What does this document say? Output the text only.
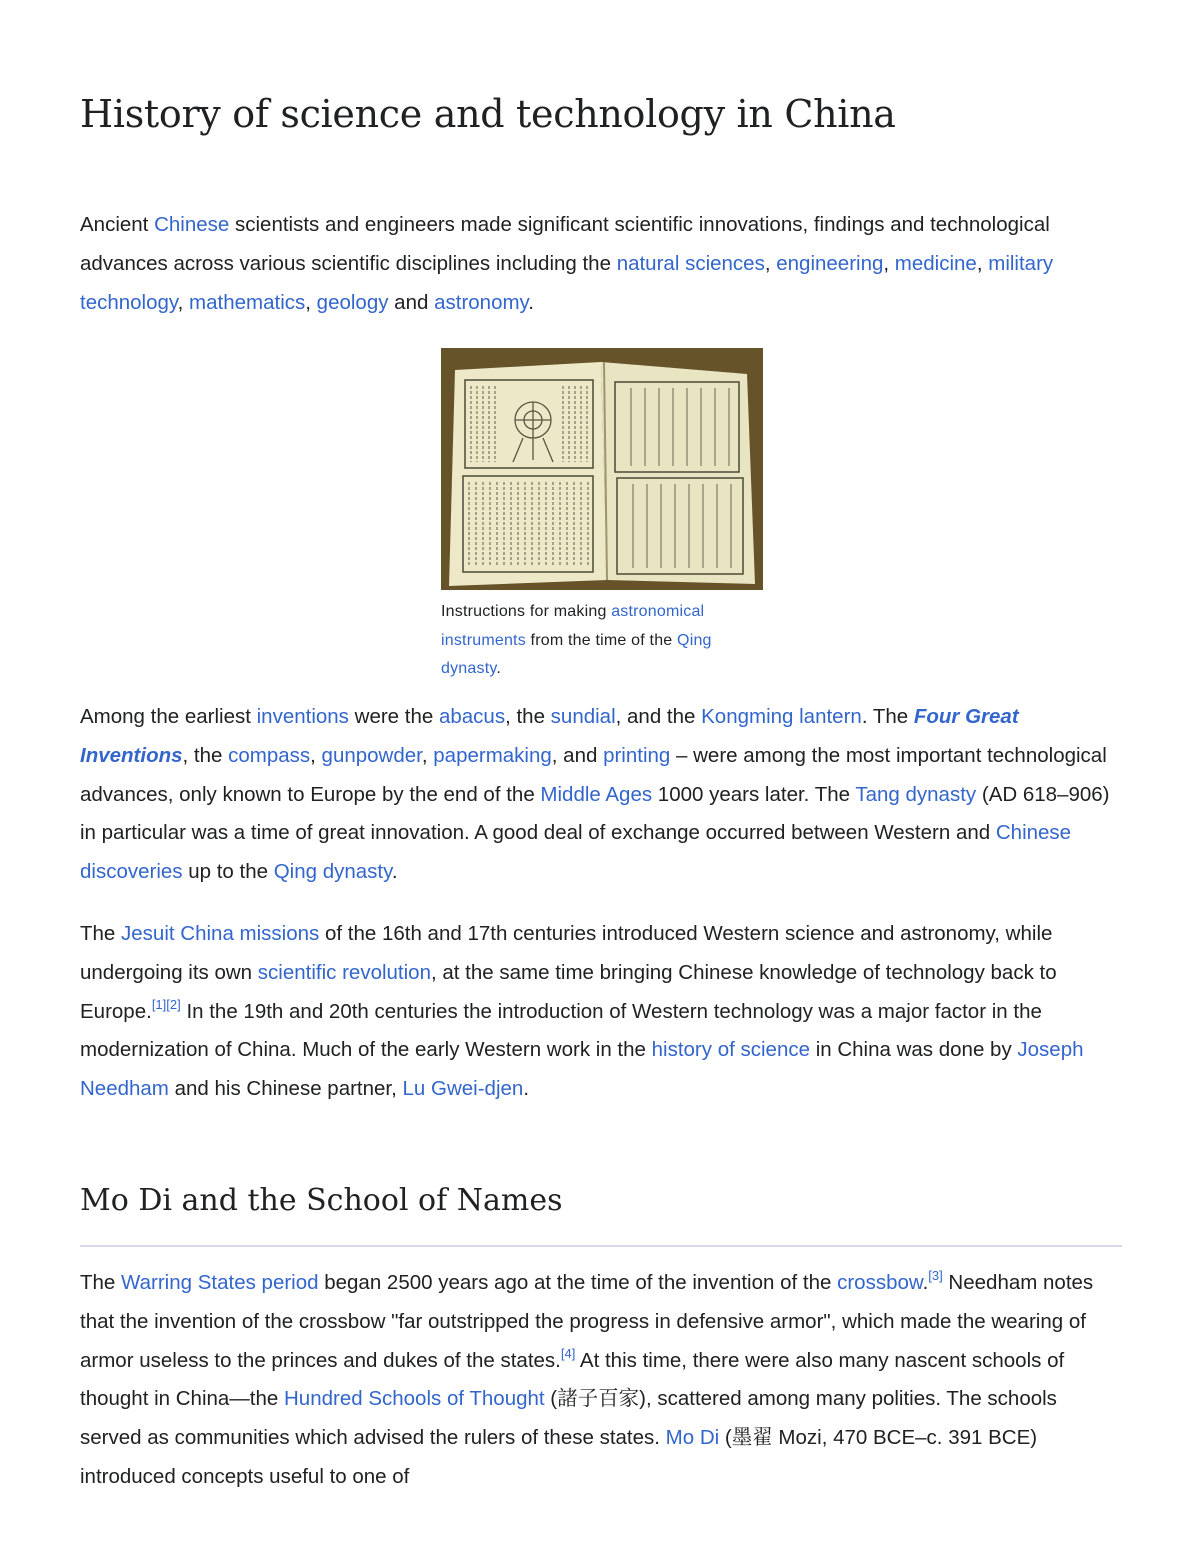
History of science and technology in China

Ancient Chinese scientists and engineers made significant scientific innovations, findings and technological advances across various scientific disciplines including the natural sciences, engineering, medicine, military technology, mathematics, geology and astronomy.

Instructions for making astronomical instruments from the time of the Qing dynasty.

Among the earliest inventions were the abacus, the sundial, and the Kongming lantern. The Four Great Inventions, the compass, gunpowder, papermaking, and printing – were among the most important technological advances, only known to Europe by the end of the Middle Ages 1000 years later. The Tang dynasty (AD 618–906) in particular was a time of great innovation. A good deal of exchange occurred between Western and Chinese discoveries up to the Qing dynasty.

The Jesuit China missions of the 16th and 17th centuries introduced Western science and astronomy, while undergoing its own scientific revolution, at the same time bringing Chinese knowledge of technology back to Europe.[1][2] In the 19th and 20th centuries the introduction of Western technology was a major factor in the modernization of China. Much of the early Western work in the history of science in China was done by Joseph Needham and his Chinese partner, Lu Gwei-djen.

Mo Di and the School of Names

The Warring States period began 2500 years ago at the time of the invention of the crossbow.[3] Needham notes that the invention of the crossbow "far outstripped the progress in defensive armor", which made the wearing of armor useless to the princes and dukes of the states.[4] At this time, there were also many nascent schools of thought in China—the Hundred Schools of Thought (諸子百家), scattered among many polities. The schools served as communities which advised the rulers of these states. Mo Di (墨翟 Mozi, 470 BCE–c. 391 BCE) introduced concepts useful to one of
